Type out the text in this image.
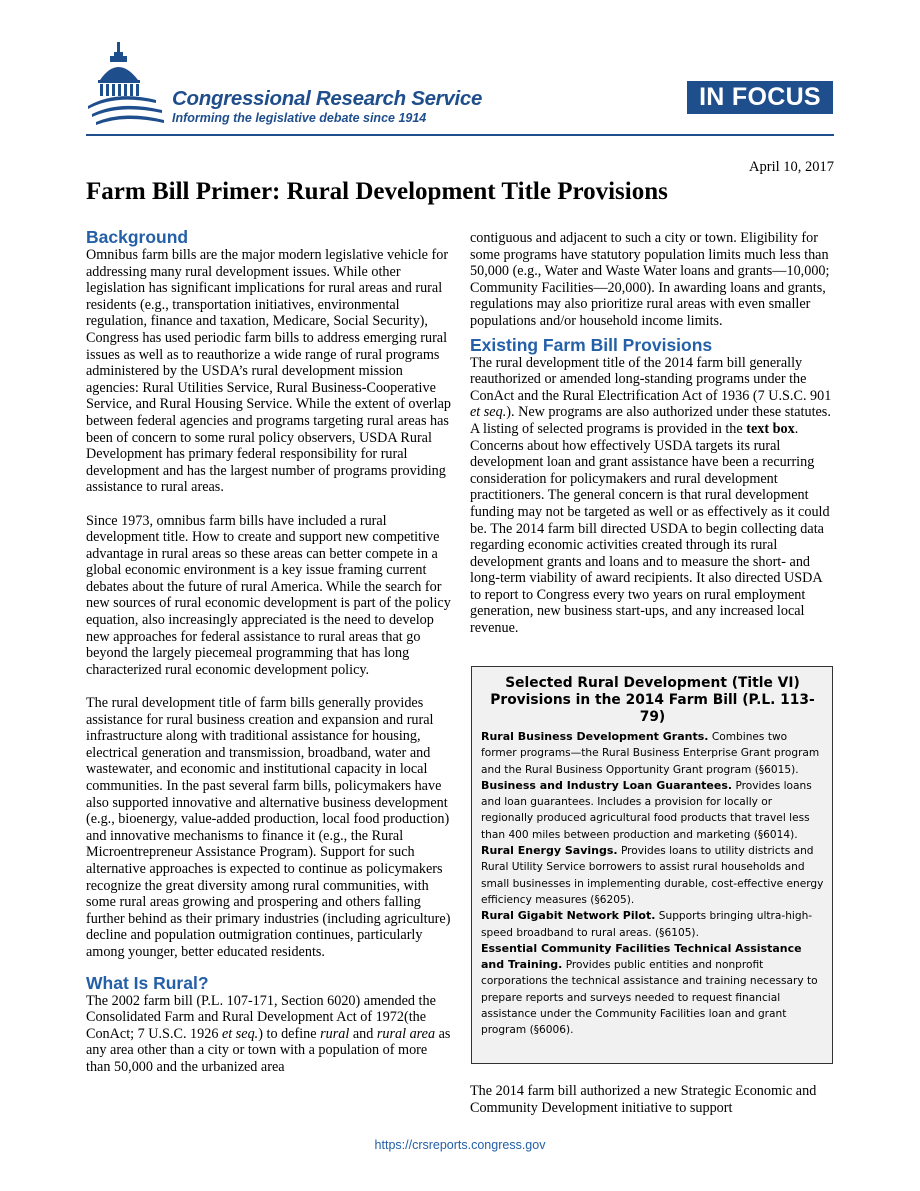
Congressional Research Service
Informing the legislative debate since 1914
IN FOCUS
April 10, 2017
Farm Bill Primer: Rural Development Title Provisions
Background

Omnibus farm bills are the major modern legislative vehicle for addressing many rural development issues. While other legislation has significant implications for rural areas and rural residents (e.g., transportation initiatives, environmental regulation, finance and taxation, Medicare, Social Security), Congress has used periodic farm bills to address emerging rural issues as well as to reauthorize a wide range of rural programs administered by the USDA’s rural development mission agencies: Rural Utilities Service, Rural Business-Cooperative Service, and Rural Housing Service. While the extent of overlap between federal agencies and programs targeting rural areas has been of concern to some rural policy observers, USDA Rural Development has primary federal responsibility for rural development and has the largest number of programs providing assistance to rural areas.

Since 1973, omnibus farm bills have included a rural development title. How to create and support new competitive advantage in rural areas so these areas can better compete in a global economic environment is a key issue framing current debates about the future of rural America. While the search for new sources of rural economic development is part of the policy equation, also increasingly appreciated is the need to develop new approaches for federal assistance to rural areas that go beyond the largely piecemeal programming that has long characterized rural economic development policy.

The rural development title of farm bills generally provides assistance for rural business creation and expansion and rural infrastructure along with traditional assistance for housing, electrical generation and transmission, broadband, water and wastewater, and economic and institutional capacity in local communities. In the past several farm bills, policymakers have also supported innovative and alternative business development (e.g., bioenergy, value-added production, local food production) and innovative mechanisms to finance it (e.g., the Rural Microentrepreneur Assistance Program). Support for such alternative approaches is expected to continue as policymakers recognize the great diversity among rural communities, with some rural areas growing and prospering and others falling further behind as their primary industries (including agriculture) decline and population outmigration continues, particularly among younger, better educated residents.

What Is Rural?

The 2002 farm bill (P.L. 107-171, Section 6020) amended the Consolidated Farm and Rural Development Act of 1972(the ConAct; 7 U.S.C. 1926 et seq.) to define rural and rural area as any area other than a city or town with a population of more than 50,000 and the urbanized area

contiguous and adjacent to such a city or town. Eligibility for some programs have statutory population limits much less than 50,000 (e.g., Water and Waste Water loans and grants—10,000; Community Facilities—20,000). In awarding loans and grants, regulations may also prioritize rural areas with even smaller populations and/or household income limits.

Existing Farm Bill Provisions

The rural development title of the 2014 farm bill generally reauthorized or amended long-standing programs under the ConAct and the Rural Electrification Act of 1936 (7 U.S.C. 901 et seq.). New programs are also authorized under these statutes. A listing of selected programs is provided in the text box.

Concerns about how effectively USDA targets its rural development loan and grant assistance have been a recurring consideration for policymakers and rural development practitioners. The general concern is that rural development funding may not be targeted as well or as effectively as it could be. The 2014 farm bill directed USDA to begin collecting data regarding economic activities created through its rural development grants and loans and to measure the short- and long-term viability of award recipients. It also directed USDA to report to Congress every two years on rural employment generation, new business start-ups, and any increased local revenue.

Selected Rural Development (Title VI) Provisions in the 2014 Farm Bill (P.L. 113-79)

Rural Business Development Grants. Combines two former programs—the Rural Business Enterprise Grant program and the Rural Business Opportunity Grant program (§6015).

Business and Industry Loan Guarantees. Provides loans and loan guarantees. Includes a provision for locally or regionally produced agricultural food products that travel less than 400 miles between production and marketing (§6014).

Rural Energy Savings. Provides loans to utility districts and Rural Utility Service borrowers to assist rural households and small businesses in implementing durable, cost-effective energy efficiency measures (§6205).

Rural Gigabit Network Pilot. Supports bringing ultra-high-speed broadband to rural areas. (§6105).

Essential Community Facilities Technical Assistance and Training. Provides public entities and nonprofit corporations the technical assistance and training necessary to prepare reports and surveys needed to request financial assistance under the Community Facilities loan and grant program (§6006).

The 2014 farm bill authorized a new Strategic Economic and Community Development initiative to support
https://crsreports.congress.gov
